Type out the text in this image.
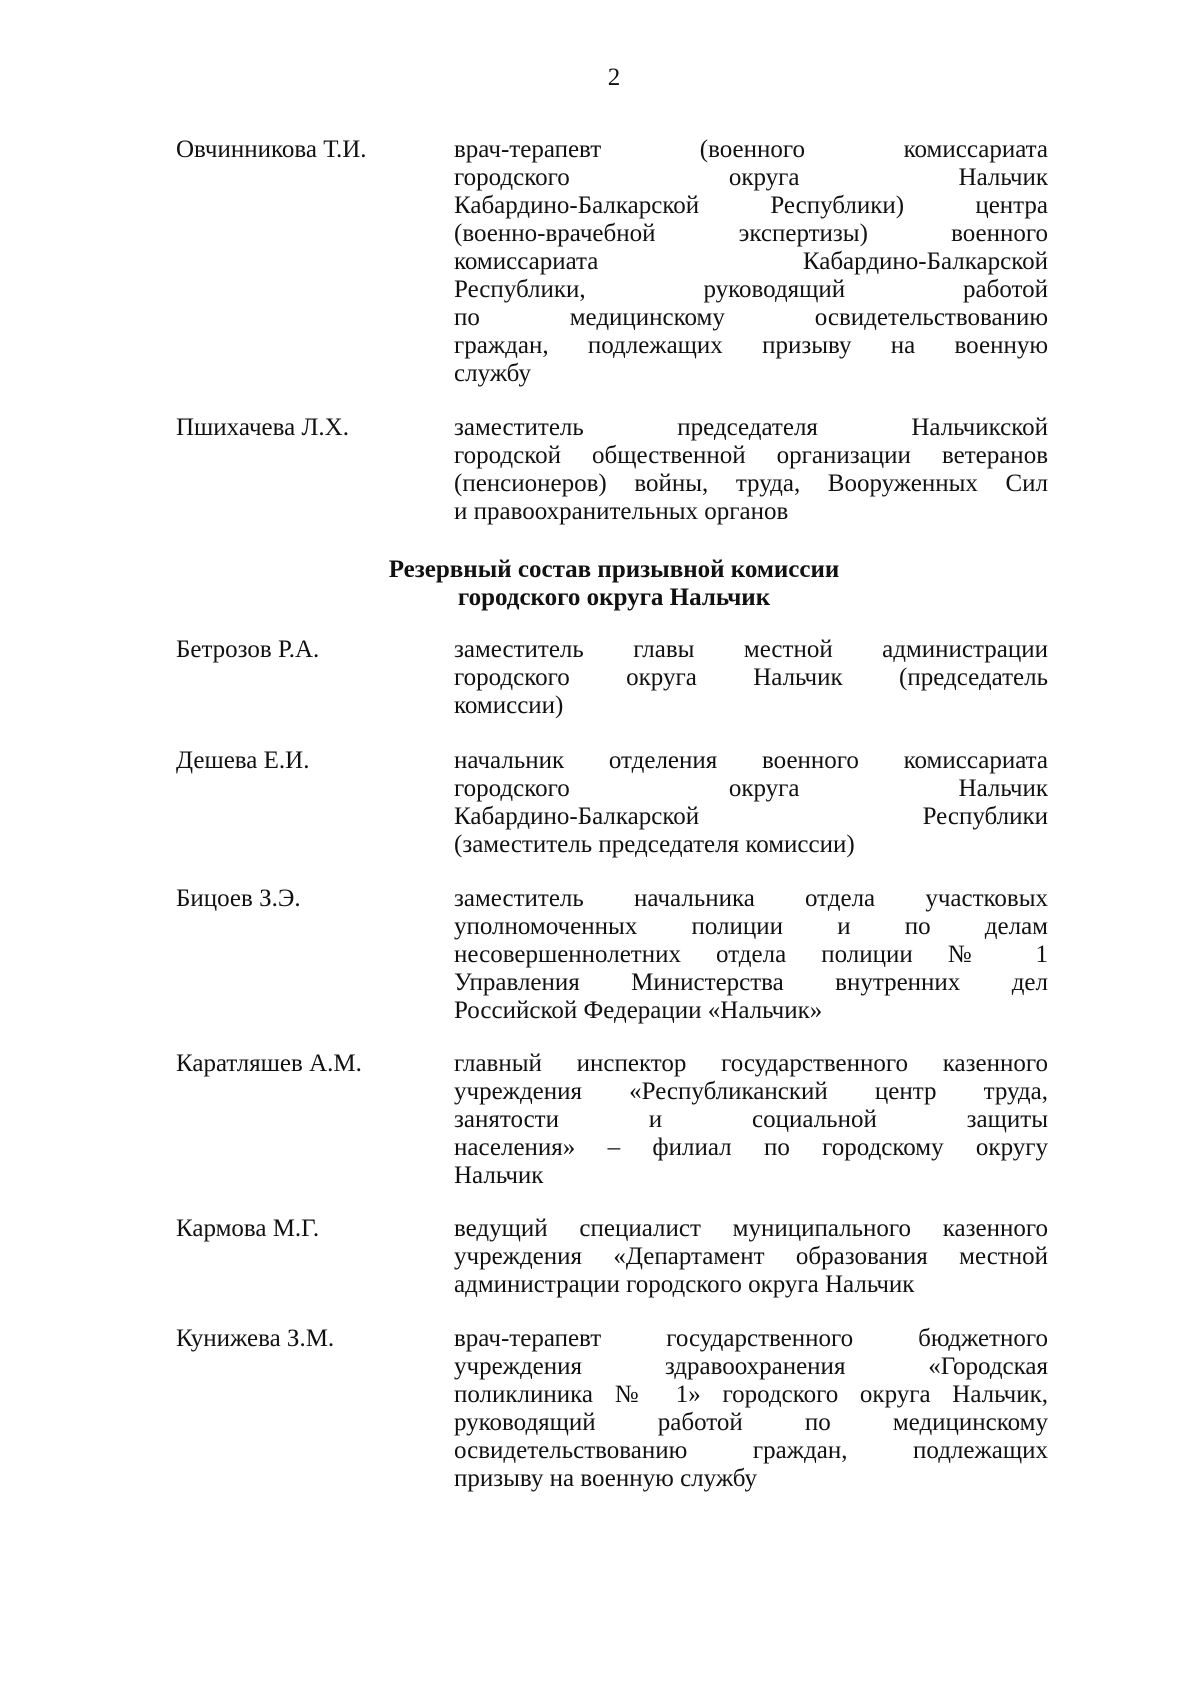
2
Овчинникова Т.И.	врач-терапевт (военного комиссариата
городского округа Нальчик
Кабардино-Балкарской Республики) центра
(военно-врачебной экспертизы) военного
комиссариата Кабардино-Балкарской
Республики, руководящий работой
по медицинскому освидетельствованию
граждан, подлежащих призыву на военную
службу
Пшихачева Л.Х.	заместитель председателя Нальчикской
городской общественной организации ветеранов
(пенсионеров) войны, труда, Вооруженных Сил
и правоохранительных органов
Резервный состав призывной комиссии
городского округа Нальчик
Бетрозов Р.А.	заместитель главы местной администрации
городского округа Нальчик (председатель
комиссии)
Дешева Е.И.	начальник отделения военного комиссариата
городского округа Нальчик
Кабардино-Балкарской Республики
(заместитель председателя комиссии)
Бицоев З.Э.	заместитель начальника отдела участковых
уполномоченных полиции и по делам
несовершеннолетних отдела полиции № 1
Управления Министерства внутренних дел
Российской Федерации «Нальчик»
Каратляшев А.М.	главный инспектор государственного казенного
учреждения «Республиканский центр труда,
занятости и социальной защиты
населения» – филиал по городскому округу
Нальчик
Кармова М.Г.	ведущий специалист муниципального казенного
учреждения «Департамент образования местной
администрации городского округа Нальчик
Кунижева З.М.	врач-терапевт государственного бюджетного
учреждения здравоохранения «Городская
поликлиника № 1» городского округа Нальчик,
руководящий работой по медицинскому
освидетельствованию граждан, подлежащих
призыву на военную службу
